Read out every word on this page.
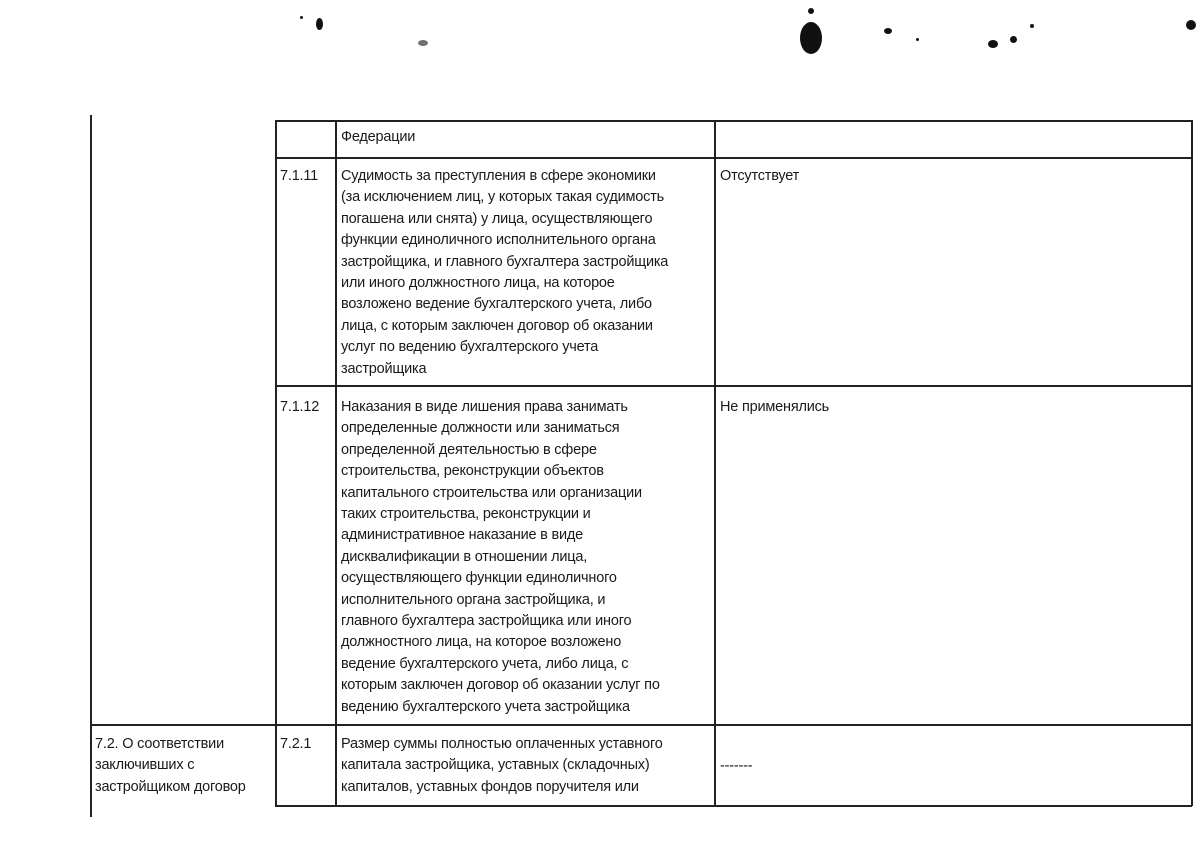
Федерации
7.1.11 Судимость за преступления в сфере экономики
(за исключением лиц, у которых такая судимость
погашена или снята) у лица, осуществляющего
функции единоличного исполнительного органа
застройщика, и главного бухгалтера застройщика
или иного должностного лица, на которое
возложено ведение бухгалтерского учета, либо
лица, с которым заключен договор об оказании
услуг по ведению бухгалтерского учета
застройщика
Отсутствует
7.1.12 Наказания в виде лишения права занимать
определенные должности или заниматься
определенной деятельностью в сфере
строительства, реконструкции объектов
капитального строительства или организации
таких строительства, реконструкции и
административное наказание в виде
дисквалификации в отношении лица,
осуществляющего функции единоличного
исполнительного органа застройщика, и
главного бухгалтера застройщика или иного
должностного лица, на которое возложено
ведение бухгалтерского учета, либо лица, с
которым заключен договор об оказании услуг по
ведению бухгалтерского учета застройщика
Не применялись
7.2. О соответствии
заключивших с
застройщиком договор
7.2.1 Размер суммы полностью оплаченных уставного
капитала застройщика, уставных (складочных)
капиталов, уставных фондов поручителя или
-------
